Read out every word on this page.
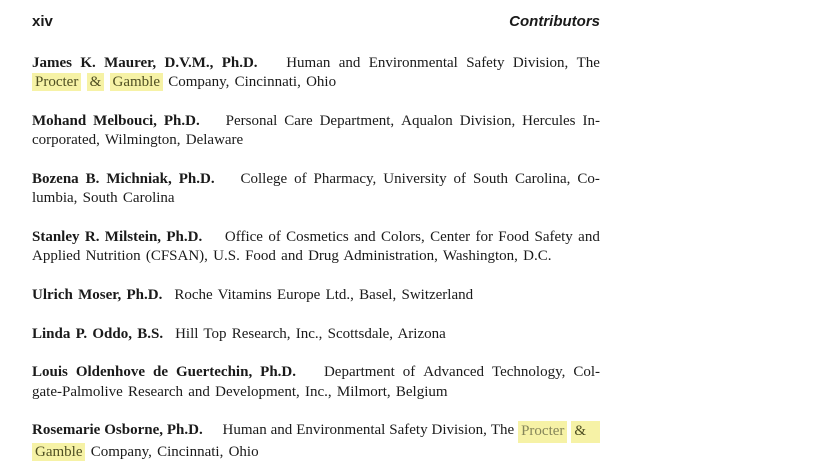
xiv	Contributors
James K. Maurer, D.V.M., Ph.D. Human and Environmental Safety Division, The
Procter & Gamble Company, Cincinnati, Ohio
Mohand Melbouci, Ph.D. Personal Care Department, Aqualon Division, Hercules In-
corporated, Wilmington, Delaware
Bozena B. Michniak, Ph.D. College of Pharmacy, University of South Carolina, Co-
lumbia, South Carolina
Stanley R. Milstein, Ph.D. Office of Cosmetics and Colors, Center for Food Safety and
Applied Nutrition (CFSAN), U.S. Food and Drug Administration, Washington, D.C.
Ulrich Moser, Ph.D. Roche Vitamins Europe Ltd., Basel, Switzerland
Linda P. Oddo, B.S. Hill Top Research, Inc., Scottsdale, Arizona
Louis Oldenhove de Guertechin, Ph.D. Department of Advanced Technology, Col-
gate-Palmolive Research and Development, Inc., Milmort, Belgium
Rosemarie Osborne, Ph.D. Human and Environmental Safety Division, The Procter &
Gamble Company, Cincinnati, Ohio
